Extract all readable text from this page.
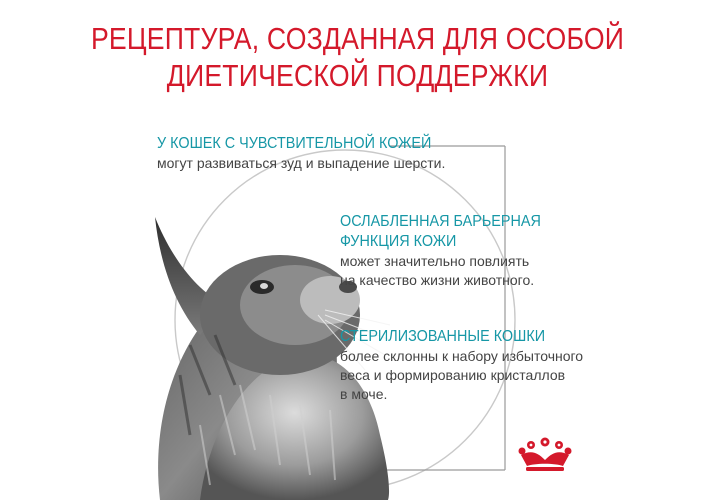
РЕЦЕПТУРА, СОЗДАННАЯ ДЛЯ ОСОБОЙ
ДИЕТИЧЕСКОЙ ПОДДЕРЖКИ
У КОШЕК С ЧУВСТВИТЕЛЬНОЙ КОЖЕЙ
могут развиваться зуд и выпадение шерсти.
ОСЛАБЛЕННАЯ БАРЬЕРНАЯ
ФУНКЦИЯ КОЖИ
может значительно повлиять
на качество жизни животного.
СТЕРИЛИЗОВАННЫЕ КОШКИ
более склонны к набору избыточного
веса и формированию кристаллов
в моче.
